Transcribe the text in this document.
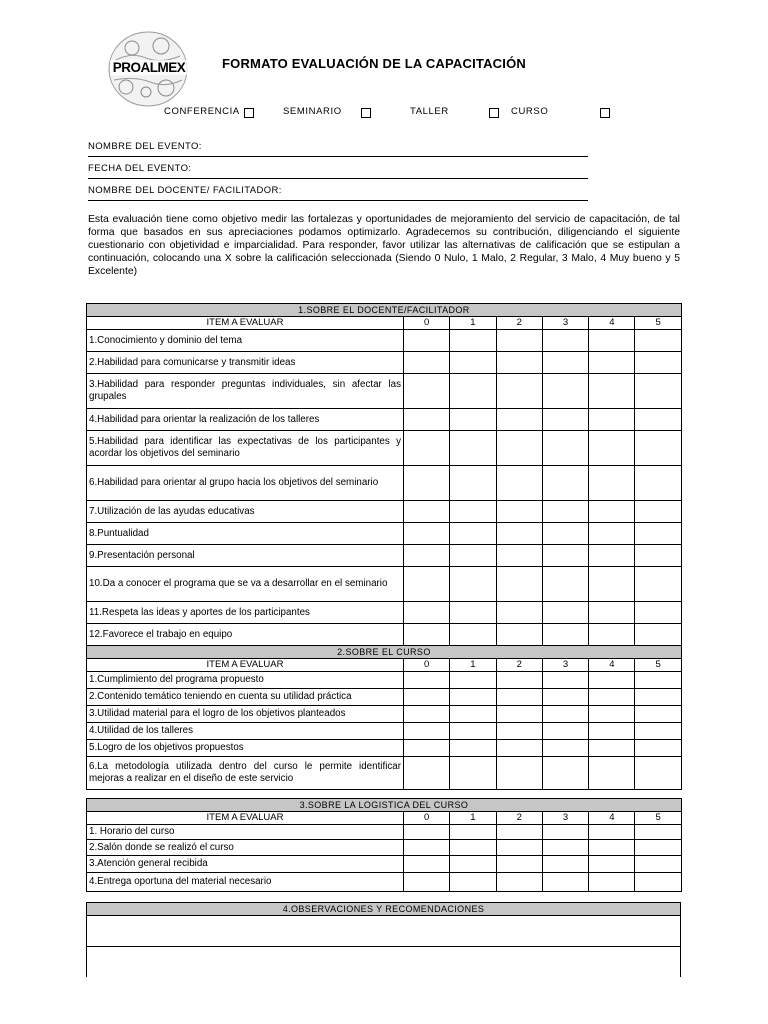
PROALMEX	FORMATO EVALUACIÓN DE LA CAPACITACIÓN
CONFERENCIA	SEMINARIO	TALLER	CURSO
NOMBRE DEL EVENTO:
FECHA DEL EVENTO:
NOMBRE DEL DOCENTE/ FACILITADOR:
Esta evaluación tiene como objetivo medir las fortalezas y oportunidades de mejoramiento del servicio de capacitación, de tal forma que basados en sus apreciaciones podamos optimizarlo. Agradecemos su contribución, diligenciando el siguiente cuestionario con objetividad e imparcialidad. Para responder, favor utilizar las alternativas de calificación que se estipulan a continuación, colocando una X sobre la calificación seleccionada (Siendo 0 Nulo, 1 Malo, 2 Regular, 3 Malo, 4 Muy bueno y 5 Excelente)
1.SOBRE EL DOCENTE/FACILITADOR						
ITEM A EVALUAR	0	1	2	3	4	5
1.Conocimiento y dominio del tema						
2.Habilidad para comunicarse y transmitir ideas						
3.Habilidad para responder preguntas individuales, sin afectar las grupales						
4.Habilidad para orientar la realización de los talleres						
5.Habilidad para identificar las expectativas de los participantes y acordar los objetivos del seminario						
6.Habilidad para orientar al grupo hacia los objetivos del seminario						
7.Utilización de las ayudas educativas						
8.Puntualidad						
9.Presentación personal						
10.Da a conocer el programa que se va a desarrollar en el seminario						
11.Respeta las ideas y aportes de los participantes						
12.Favorece el trabajo en equipo						
2.SOBRE EL CURSO						
ITEM A EVALUAR	0	1	2	3	4	5
1.Cumplimiento del programa propuesto						
2.Contenido temático teniendo en cuenta su utilidad práctica						
3.Utilidad material para el logro de los objetivos planteados						
4.Utilidad de los talleres						
5.Logro de los objetivos propuestos						
6.La metodología utilizada dentro del curso le permite identificar mejoras a realizar en el diseño de este servicio						
3.SOBRE LA LOGISTICA DEL CURSO						
ITEM A EVALUAR	0	1	2	3	4	5
1. Horario del curso						
2.Salón donde se realizó el curso						
3.Atención general recibida						
4.Entrega oportuna del material necesario						
4.OBSERVACIONES Y RECOMENDACIONES
